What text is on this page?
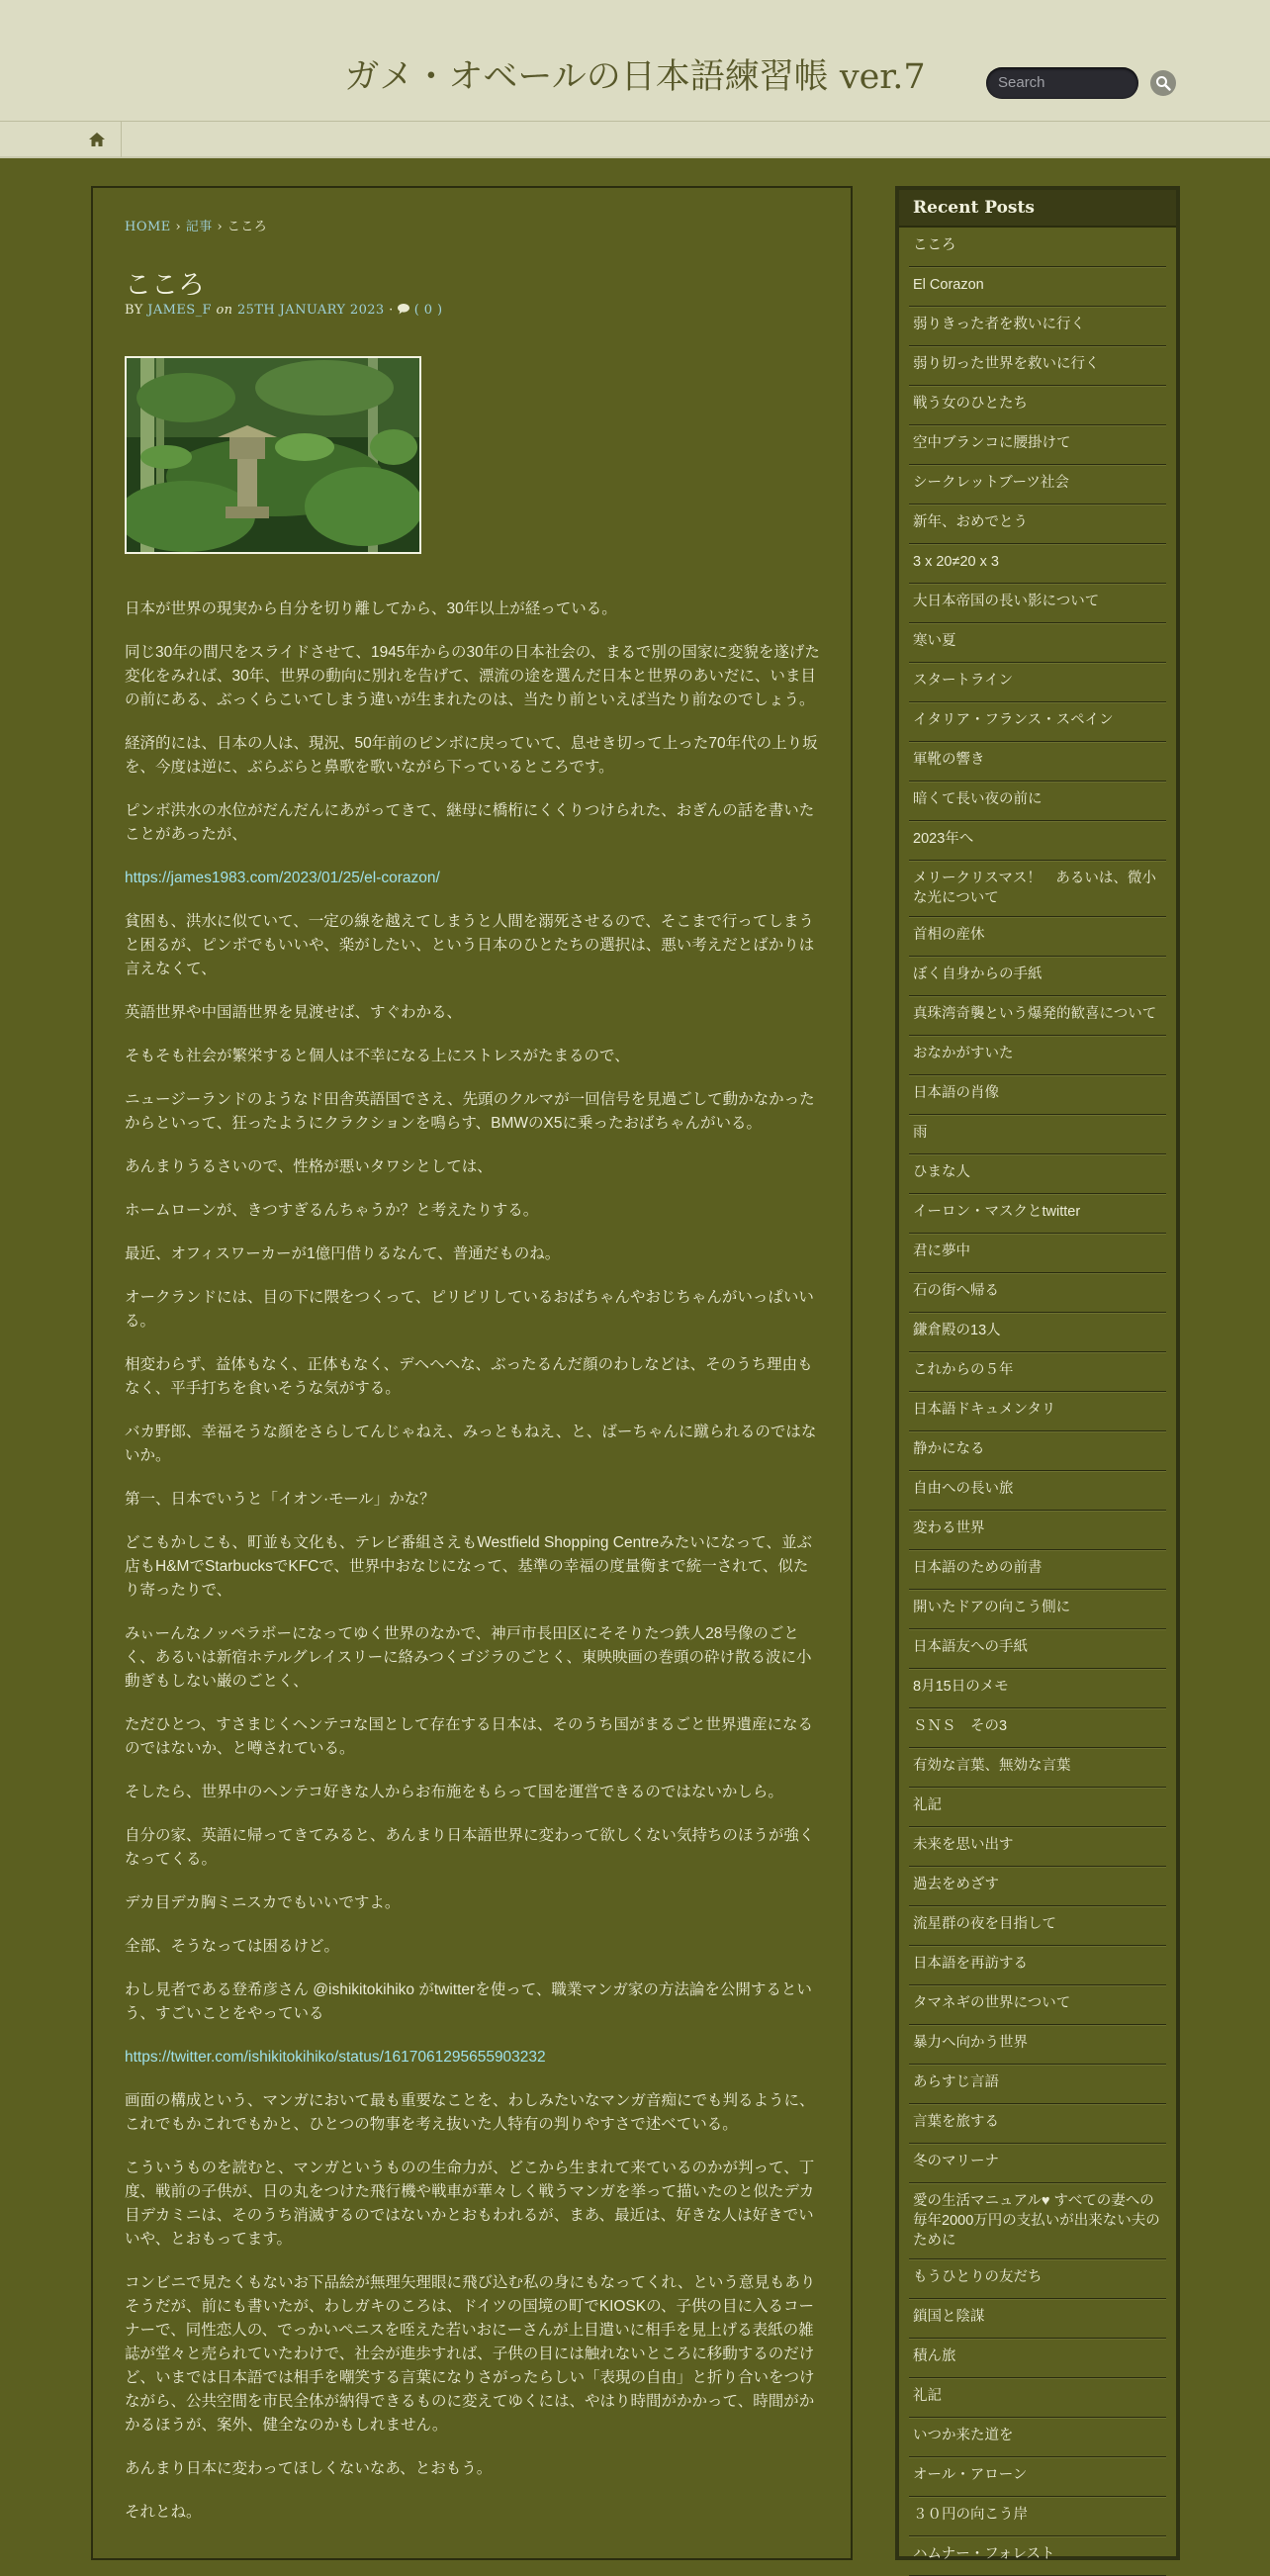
ガメ・オベールの日本語練習帳 ver.7	Search
HOME › 記事 › こころ
こころ
BY JAMES_F on 25TH JANUARY 2023 · ( 0 )

日本が世界の現実から自分を切り離してから、30年以上が経っている。

同じ30年の間尺をスライドさせて、1945年からの30年の日本社会の、まるで別の国家に変貌を遂げた変化をみれば、30年、世界の動向に別れを告げて、漂流の途を選んだ日本と世界のあいだに、いま目の前にある、ぶっくらこいてしまう違いが生まれたのは、当たり前といえば当たり前なのでしょう。

経済的には、日本の人は、現況、50年前のピンボに戻っていて、息せき切って上った70年代の上り坂を、今度は逆に、ぶらぶらと鼻歌を歌いながら下っているところです。

ピンボ洪水の水位がだんだんにあがってきて、継母に橋桁にくくりつけられた、おぎんの話を書いたことがあったが、

https://james1983.com/2023/01/25/el-corazon/

貧困も、洪水に似ていて、一定の線を越えてしまうと人間を溺死させるので、そこまで行ってしまうと困るが、ピンボでもいいや、楽がしたい、という日本のひとたちの選択は、悪い考えだとばかりは言えなくて、

英語世界や中国語世界を見渡せば、すぐわかる、

そもそも社会が繁栄すると個人は不幸になる上にストレスがたまるので、

ニュージーランドのようなド田舎英語国でさえ、先頭のクルマが一回信号を見過ごして動かなかったからといって、狂ったようにクラクションを鳴らす、BMWのX5に乗ったおばちゃんがいる。

あんまりうるさいので、性格が悪いタワシとしては、

ホームローンが、きつすぎるんちゃうか？と考えたりする。

最近、オフィスワーカーが1億円借りるなんて、普通だものね。

オークランドには、目の下に隈をつくって、ピリピリしているおばちゃんやおじちゃんがいっぱいいる。

相変わらず、益体もなく、正体もなく、デヘヘヘな、ぶったるんだ顔のわしなどは、そのうち理由もなく、平手打ちを食いそうな気がする。

バカ野郎、幸福そうな顔をさらしてんじゃねえ、みっともねえ、と、ばーちゃんに蹴られるのではないか。

第一、日本でいうと「イオン·モール」かな？

どこもかしこも、町並も文化も、テレビ番組さえもWestfield Shopping Centreみたいになって、並ぶ店もH&MでStarbucksでKFCで、世界中おなじになって、基準の幸福の度量衡まで統一されて、似たり寄ったりで、

みぃーんなノッペラボーになってゆく世界のなかで、神戸市長田区にそそりたつ鉄人28号像のごとく、あるいは新宿ホテルグレイスリーに絡みつくゴジラのごとく、東映映画の巻頭の砕け散る波に小動ぎもしない巌のごとく、

ただひとつ、すさまじくヘンテコな国として存在する日本は、そのうち国がまるごと世界遺産になるのではないか、と噂されている。

そしたら、世界中のヘンテコ好きな人からお布施をもらって国を運営できるのではないかしら。

自分の家、英語に帰ってきてみると、あんまり日本語世界に変わって欲しくない気持ちのほうが強くなってくる。

デカ目デカ胸ミニスカでもいいですよ。

全部、そうなっては困るけど。

わし見者である登希彦さん @ishikitokihiko がtwitterを使って、職業マンガ家の方法論を公開するという、すごいことをやっている

https://twitter.com/ishikitokihiko/status/1617061295655903232

画面の構成という、マンガにおいて最も重要なことを、わしみたいなマンガ音痴にでも判るように、これでもかこれでもかと、ひとつの物事を考え抜いた人特有の判りやすさで述べている。

こういうものを読むと、マンガというものの生命力が、どこから生まれて来ているのかが判って、丁度、戦前の子供が、日の丸をつけた飛行機や戦車が華々しく戦うマンガを挙って描いたのと似たデカ目デカミニは、そのうち消滅するのではないかとおもわれるが、まあ、最近は、好きな人は好きでいいや、とおもってます。

コンビニで見たくもないお下品絵が無理矢理眼に飛び込む私の身にもなってくれ、という意見もありそうだが、前にも書いたが、わしガキのころは、ドイツの国境の町でKIOSKの、子供の目に入るコーナーで、同性恋人の、でっかいペニスを咥えた若いおにーさんが上目遣いに相手を見上げる表紙の雑誌が堂々と売られていたわけで、社会が進歩すれば、子供の目には触れないところに移動するのだけど、いまでは日本語では相手を嘲笑する言葉になりさがったらしい「表現の自由」と折り合いをつけながら、公共空間を市民全体が納得できるものに変えてゆくには、やはり時間がかかって、時間がかかるほうが、案外、健全なのかもしれません。

あんまり日本に変わってほしくないなあ、とおもう。

それとね。

Recent Posts
こころ
El Corazon
弱りきった者を救いに行く
弱り切った世界を救いに行く
戦う女のひとたち
空中ブランコに腰掛けて
シークレットブーツ社会
新年、おめでとう
3 x 20≠20 x 3
大日本帝国の長い影について
寒い夏
スタートライン
イタリア・フランス・スペイン
軍靴の響き
暗くて長い夜の前に
2023年へ
メリークリスマス！　あるいは、微小な光について
首相の産休
ぼく自身からの手紙
真珠湾奇襲という爆発的歓喜について
おなかがすいた
日本語の肖像
雨
ひまな人
イーロン・マスクとtwitter
君に夢中
石の街へ帰る
鎌倉殿の13人
これからの５年
日本語ドキュメンタリ
静かになる
自由への長い旅
変わる世界
日本語のための前書
開いたドアの向こう側に
日本語友への手紙
8月15日のメモ
ＳＮＳ　その3
有効な言葉、無効な言葉
礼記
未来を思い出す
過去をめざす
流星群の夜を目指して
日本語を再訪する
タマネギの世界について
暴力へ向かう世界
あらすじ言語
言葉を旅する
冬のマリーナ
愛の生活マニュアル♥ すべての妻への毎年2000万円の支払いが出来ない夫のために
もうひとりの友だち
鎖国と陰謀
積ん旅
礼記
いつか来た道を
オール・アローン
３０円の向こう岸
ハムナー・フォレスト
